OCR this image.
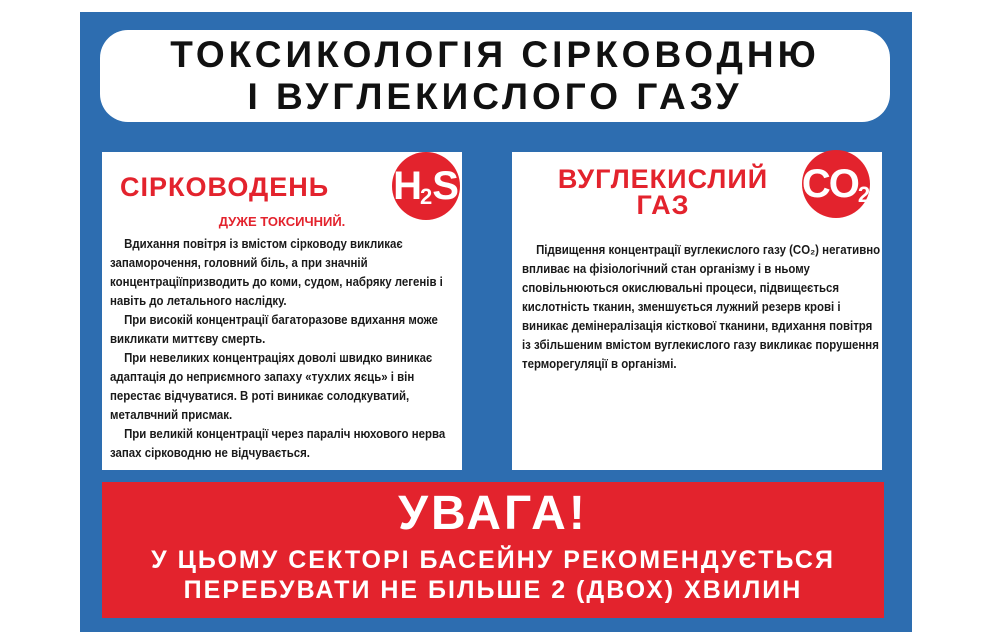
ТОКСИКОЛОГІЯ СІРКОВОДНЮ
І ВУГЛЕКИСЛОГО ГАЗУ
СІРКОВОДЕНЬ H 2 S
ДУЖЕ ТОКСИЧНИЙ.

Вдихання повітря із вмістом сірководу викликає запаморочення, головний біль, а при значній концентраціїпризводить до коми, судом, набряку легенів і навіть до летального наслідку.

При високій концентрації багаторазове вдихання може викликати миттєву смерть.

При невеликих концентраціях доволі швидко виникає адаптація до неприємного запаху «тухлих яєць» і він перестає відчуватися. В роті виникає солодкуватий, металвчний присмак.

При великій концентрації через параліч нюхового нерва запах сірководню не відчувається.

ВУГЛЕКИСЛИЙ
ГАЗ	CO 2

Підвищення концентрації вуглекислого газу (CO₂) негативно впливає на фізіологічний стан організму і в ньому сповільнюються окислювальні процеси, підвищеється кислотність тканин, зменшується лужний резерв крові і виникає демінералізація кісткової тканини, вдихання повітря із збільшеним вмістом вуглекислого газу викликає порушення терморегуляції в організмі.

УВАГА!
У ЦЬОМУ СЕКТОРІ БАСЕЙНУ РЕКОМЕНДУЄТЬСЯ
ПЕРЕБУВАТИ НЕ БІЛЬШЕ 2 (ДВОХ) ХВИЛИН
